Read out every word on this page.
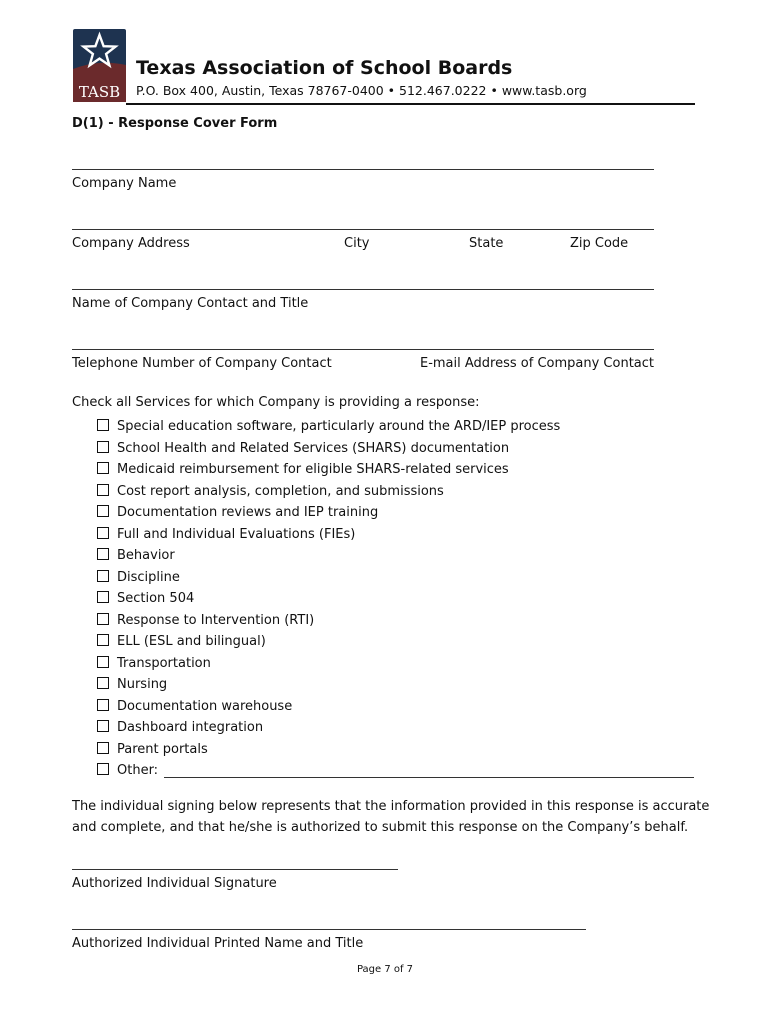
TASB
Texas Association of School Boards
P.O. Box 400, Austin, Texas 78767-0400 • 512.467.0222 • www.tasb.org
D(1) - Response Cover Form
Company Name
Company Address	City	State	Zip Code
Name of Company Contact and Title
Telephone Number of Company Contact	E-mail Address of Company Contact
Check all Services for which Company is providing a response:
Special education software, particularly around the ARD/IEP process
School Health and Related Services (SHARS) documentation
Medicaid reimbursement for eligible SHARS-related services
Cost report analysis, completion, and submissions
Documentation reviews and IEP training
Full and Individual Evaluations (FIEs)
Behavior
Discipline
Section 504
Response to Intervention (RTI)
ELL (ESL and bilingual)
Transportation
Nursing
Documentation warehouse
Dashboard integration
Parent portals
Other:
The individual signing below represents that the information provided in this response is accurate and complete, and that he/she is authorized to submit this response on the Company’s behalf.
Authorized Individual Signature
Authorized Individual Printed Name and Title
Page 7 of 7
